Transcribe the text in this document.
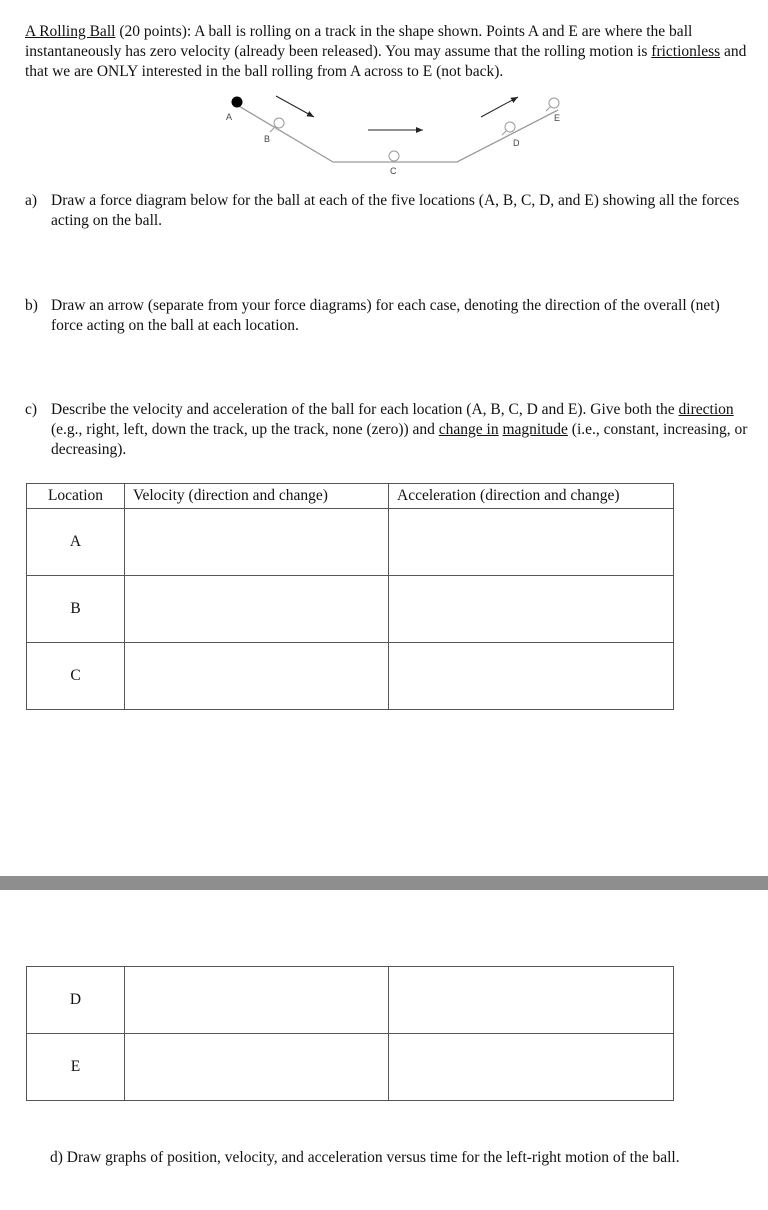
A Rolling Ball (20 points): A ball is rolling on a track in the shape shown. Points A and E are where the ball instantaneously has zero velocity (already been released). You may assume that the rolling motion is frictionless and that we are ONLY interested in the ball rolling from A across to E (not back).
A
B
C
D
E
a) Draw a force diagram below for the ball at each of the five locations (A, B, C, D, and E) showing all the forces acting on the ball.
b) Draw an arrow (separate from your force diagrams) for each case, denoting the direction of the overall (net) force acting on the ball at each location.
c) Describe the velocity and acceleration of the ball for each location (A, B, C, D and E). Give both the direction (e.g., right, left, down the track, up the track, none (zero)) and change in magnitude (i.e., constant, increasing, or decreasing).
Location	Velocity (direction and change)	Acceleration (direction and change)
A		
B		
C		
D		
E		
d) Draw graphs of position, velocity, and acceleration versus time for the left-right motion of the ball.
